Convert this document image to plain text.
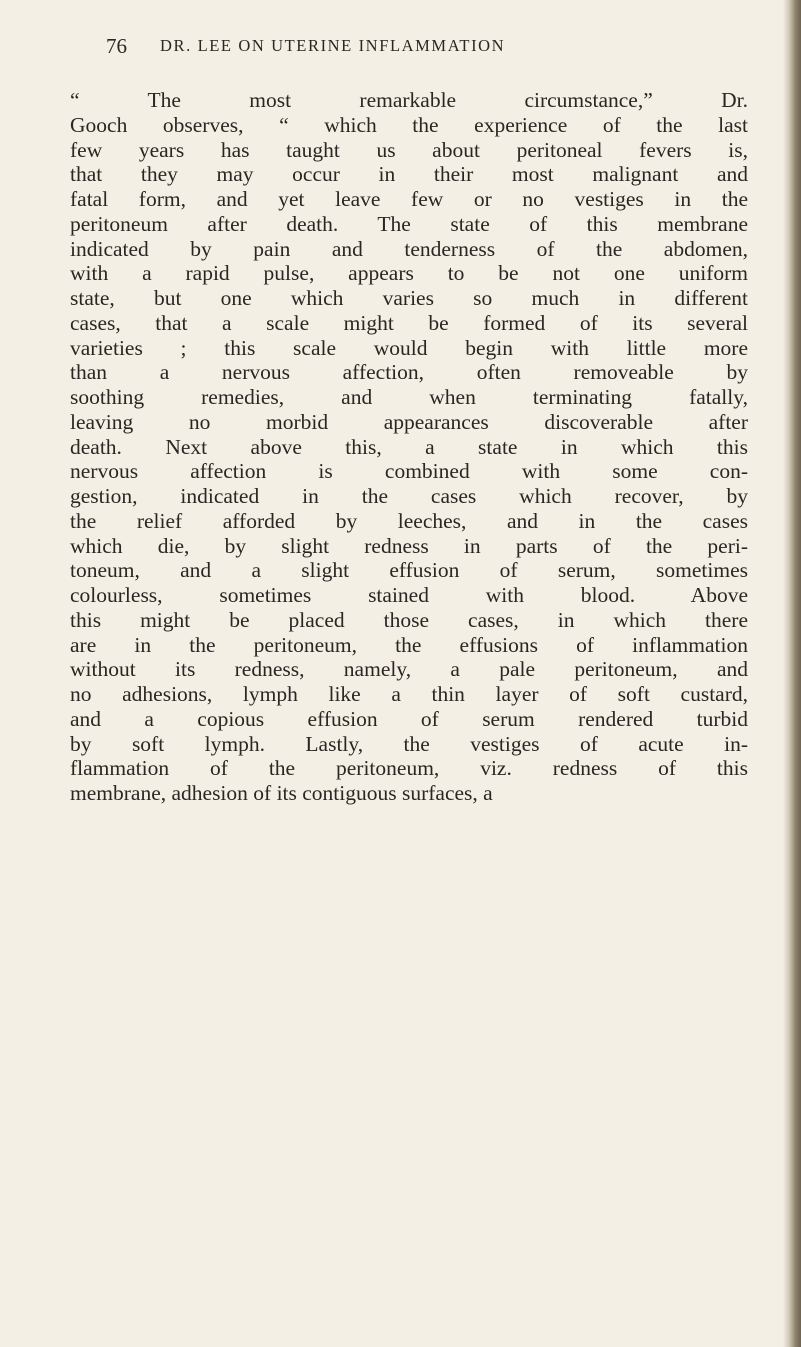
76 DR. LEE ON UTERINE INFLAMMATION
“ The most remarkable circumstance,” Dr.
Gooch observes, “ which the experience of the last
few years has taught us about peritoneal fevers is,
that they may occur in their most malignant and
fatal form, and yet leave few or no vestiges in the
peritoneum after death. The state of this membrane
indicated by pain and tenderness of the abdomen,
with a rapid pulse, appears to be not one uniform
state, but one which varies so much in different
cases, that a scale might be formed of its several
varieties ; this scale would begin with little more
than a nervous affection, often removeable by
soothing remedies, and when terminating fatally,
leaving no morbid appearances discoverable after
death. Next above this, a state in which this
nervous affection is combined with some con-
gestion, indicated in the cases which recover, by
the relief afforded by leeches, and in the cases
which die, by slight redness in parts of the peri-
toneum, and a slight effusion of serum, sometimes
colourless, sometimes stained with blood. Above
this might be placed those cases, in which there
are in the peritoneum, the effusions of inflammation
without its redness, namely, a pale peritoneum, and
no adhesions, lymph like a thin layer of soft custard,
and a copious effusion of serum rendered turbid
by soft lymph. Lastly, the vestiges of acute in-
flammation of the peritoneum, viz. redness of this
membrane, adhesion of its contiguous surfaces, a
